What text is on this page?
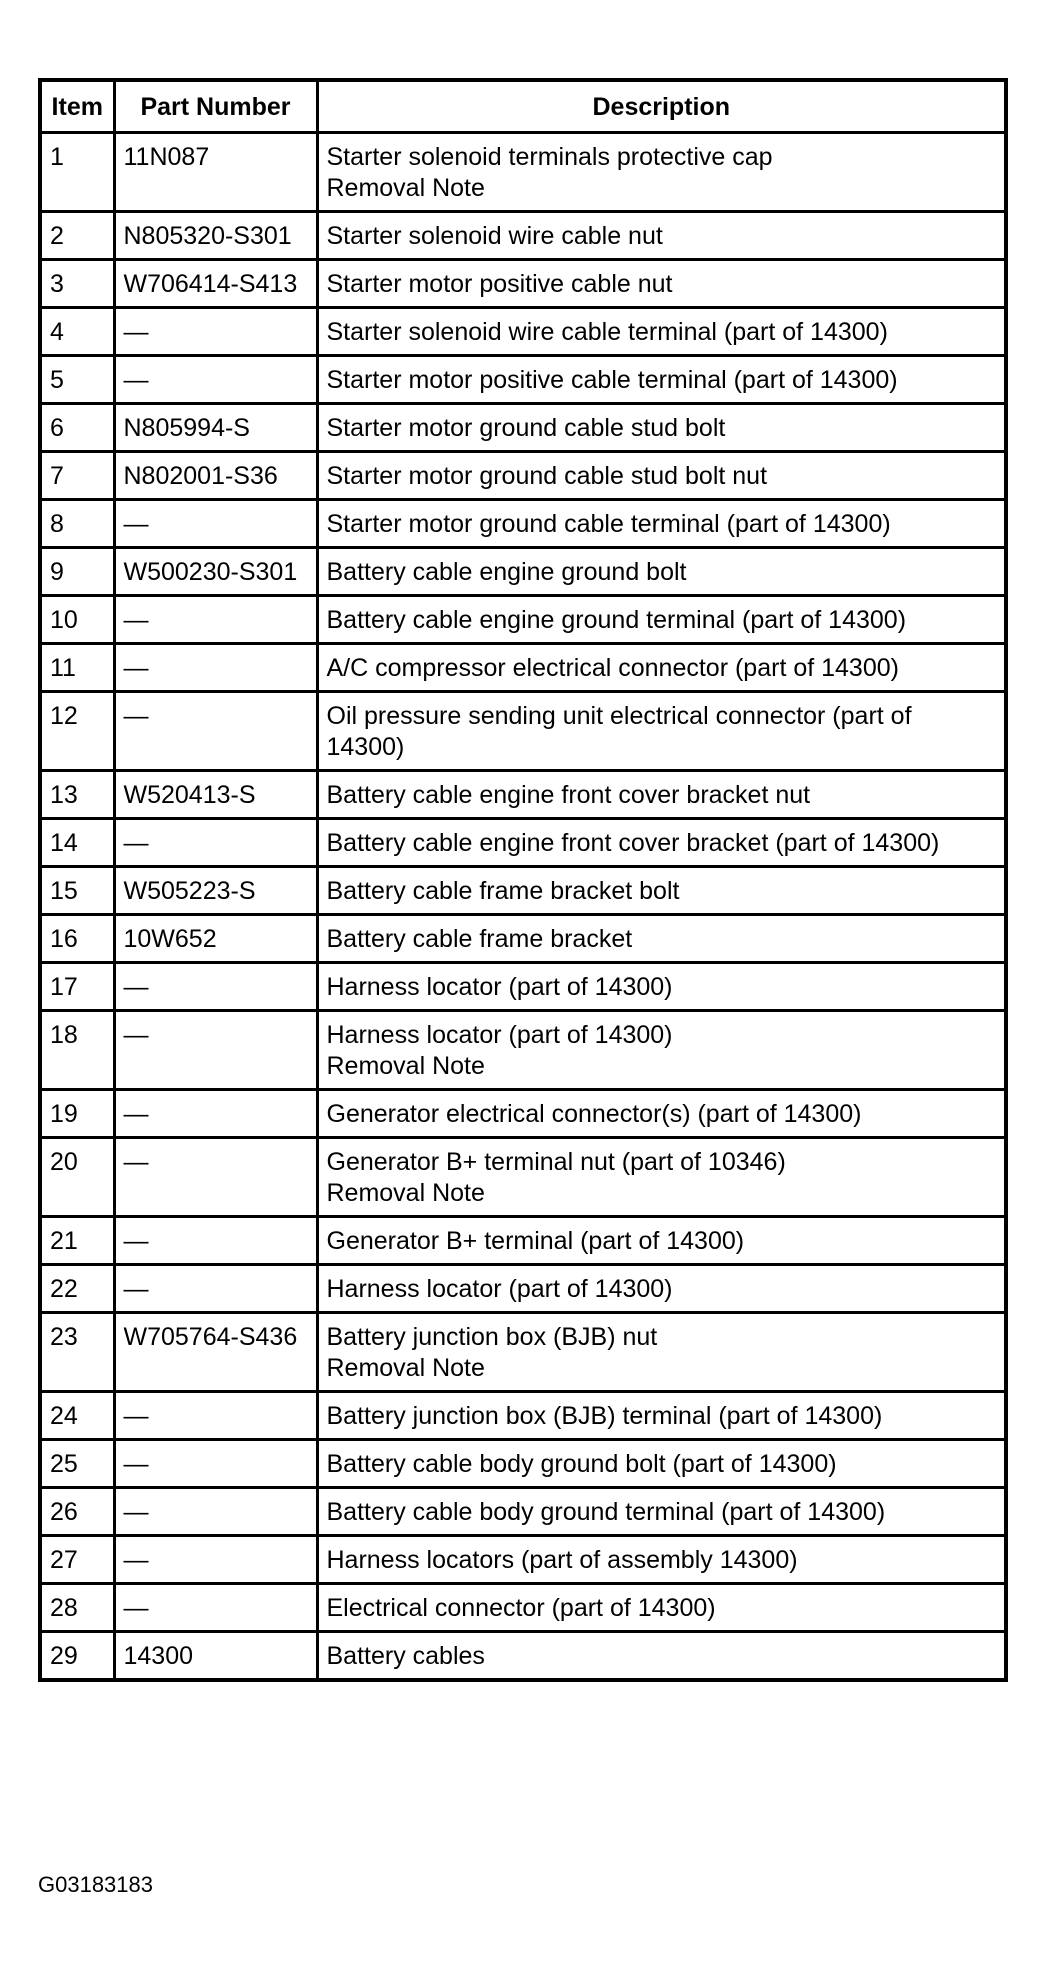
Item	Part Number	Description
1	11N087	Starter solenoid terminals protective cap
Removal Note

2	N805320-S301	Starter solenoid wire cable nut

3	W706414-S413	Starter motor positive cable nut

4	—	Starter solenoid wire cable terminal (part of 14300)

5	—	Starter motor positive cable terminal (part of 14300)

6	N805994-S	Starter motor ground cable stud bolt

7	N802001-S36	Starter motor ground cable stud bolt nut

8	—	Starter motor ground cable terminal (part of 14300)

9	W500230-S301	Battery cable engine ground bolt

10	—	Battery cable engine ground terminal (part of 14300)

11	—	A/C compressor electrical connector (part of 14300)

12	—	Oil pressure sending unit electrical connector (part of 14300)

13	W520413-S	Battery cable engine front cover bracket nut

14	—	Battery cable engine front cover bracket (part of 14300)

15	W505223-S	Battery cable frame bracket bolt

16	10W652	Battery cable frame bracket

17	—	Harness locator (part of 14300)

18	—	Harness locator (part of 14300)
Removal Note

19	—	Generator electrical connector(s) (part of 14300)

20	—	Generator B+ terminal nut (part of 10346)
Removal Note

21	—	Generator B+ terminal (part of 14300)

22	—	Harness locator (part of 14300)

23	W705764-S436	Battery junction box (BJB) nut
Removal Note

24	—	Battery junction box (BJB) terminal (part of 14300)

25	—	Battery cable body ground bolt (part of 14300)

26	—	Battery cable body ground terminal (part of 14300)

27	—	Harness locators (part of assembly 14300)

28	—	Electrical connector (part of 14300)

29	14300	Battery cables
G03183183
